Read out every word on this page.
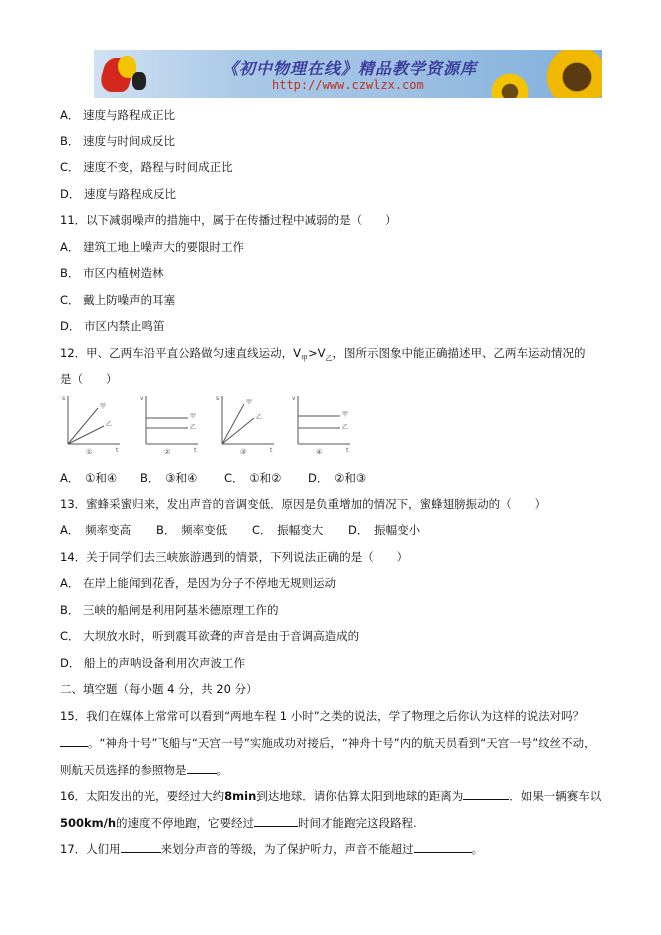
《初中物理在线》精品教学资源库
http://www.czwlzx.com
A． 速度与路程成正比
B． 速度与时间成反比
C． 速度不变，路程与时间成正比
D． 速度与路程成反比
11．以下减弱噪声的措施中，属于在传播过程中减弱的是（　　）
A． 建筑工地上噪声大的要限时工作
B． 市区内植树造林
C． 戴上防噪声的耳塞
D． 市区内禁止鸣笛
12．甲、乙两车沿平直公路做匀速直线运动，$V_甲>V_乙$，图所示图象中能正确描述甲、乙两车运动情况的
是（　　）
s
甲
乙
t
①
v
甲
乙
t
②
s
甲
乙
t
③
v
甲
乙
t
④
A．　①和④ B．　③和④ C．　①和② D．　②和③
13．蜜蜂采蜜归来，发出声音的音调变低．原因是负重增加的情况下，蜜蜂翅膀振动的（　　）
A．　频率变高 B．　频率变低 C．　振幅变大 D．　振幅变小
14．关于同学们去三峡旅游遇到的情景，下列说法正确的是（　　）
A． 在岸上能闻到花香，是因为分子不停地无规则运动
B． 三峡的船闸是利用阿基米德原理工作的
C． 大坝放水时，听到震耳欲聋的声音是由于音调高造成的
D． 船上的声呐设备利用次声波工作
二、填空题（每小题 4 分，共 20 分）
15．我们在媒体上常常可以看到“两地车程 1 小时”之类的说法，学了物理之后你认为这样的说法对吗？
。“神舟十号”飞船与“天宫一号”实施成功对接后，“神舟十号”内的航天员看到“天宫一号”纹丝不动，
则航天员选择的参照物是	。
16．太阳发出的光，要经过大约8min到达地球．请你估算太阳到地球的距离为	．如果一辆赛车以
500km/h的速度不停地跑，它要经过	时间才能跑完这段路程.
17．人们用	来划分声音的等级，为了保护听力，声音不能超过	。
